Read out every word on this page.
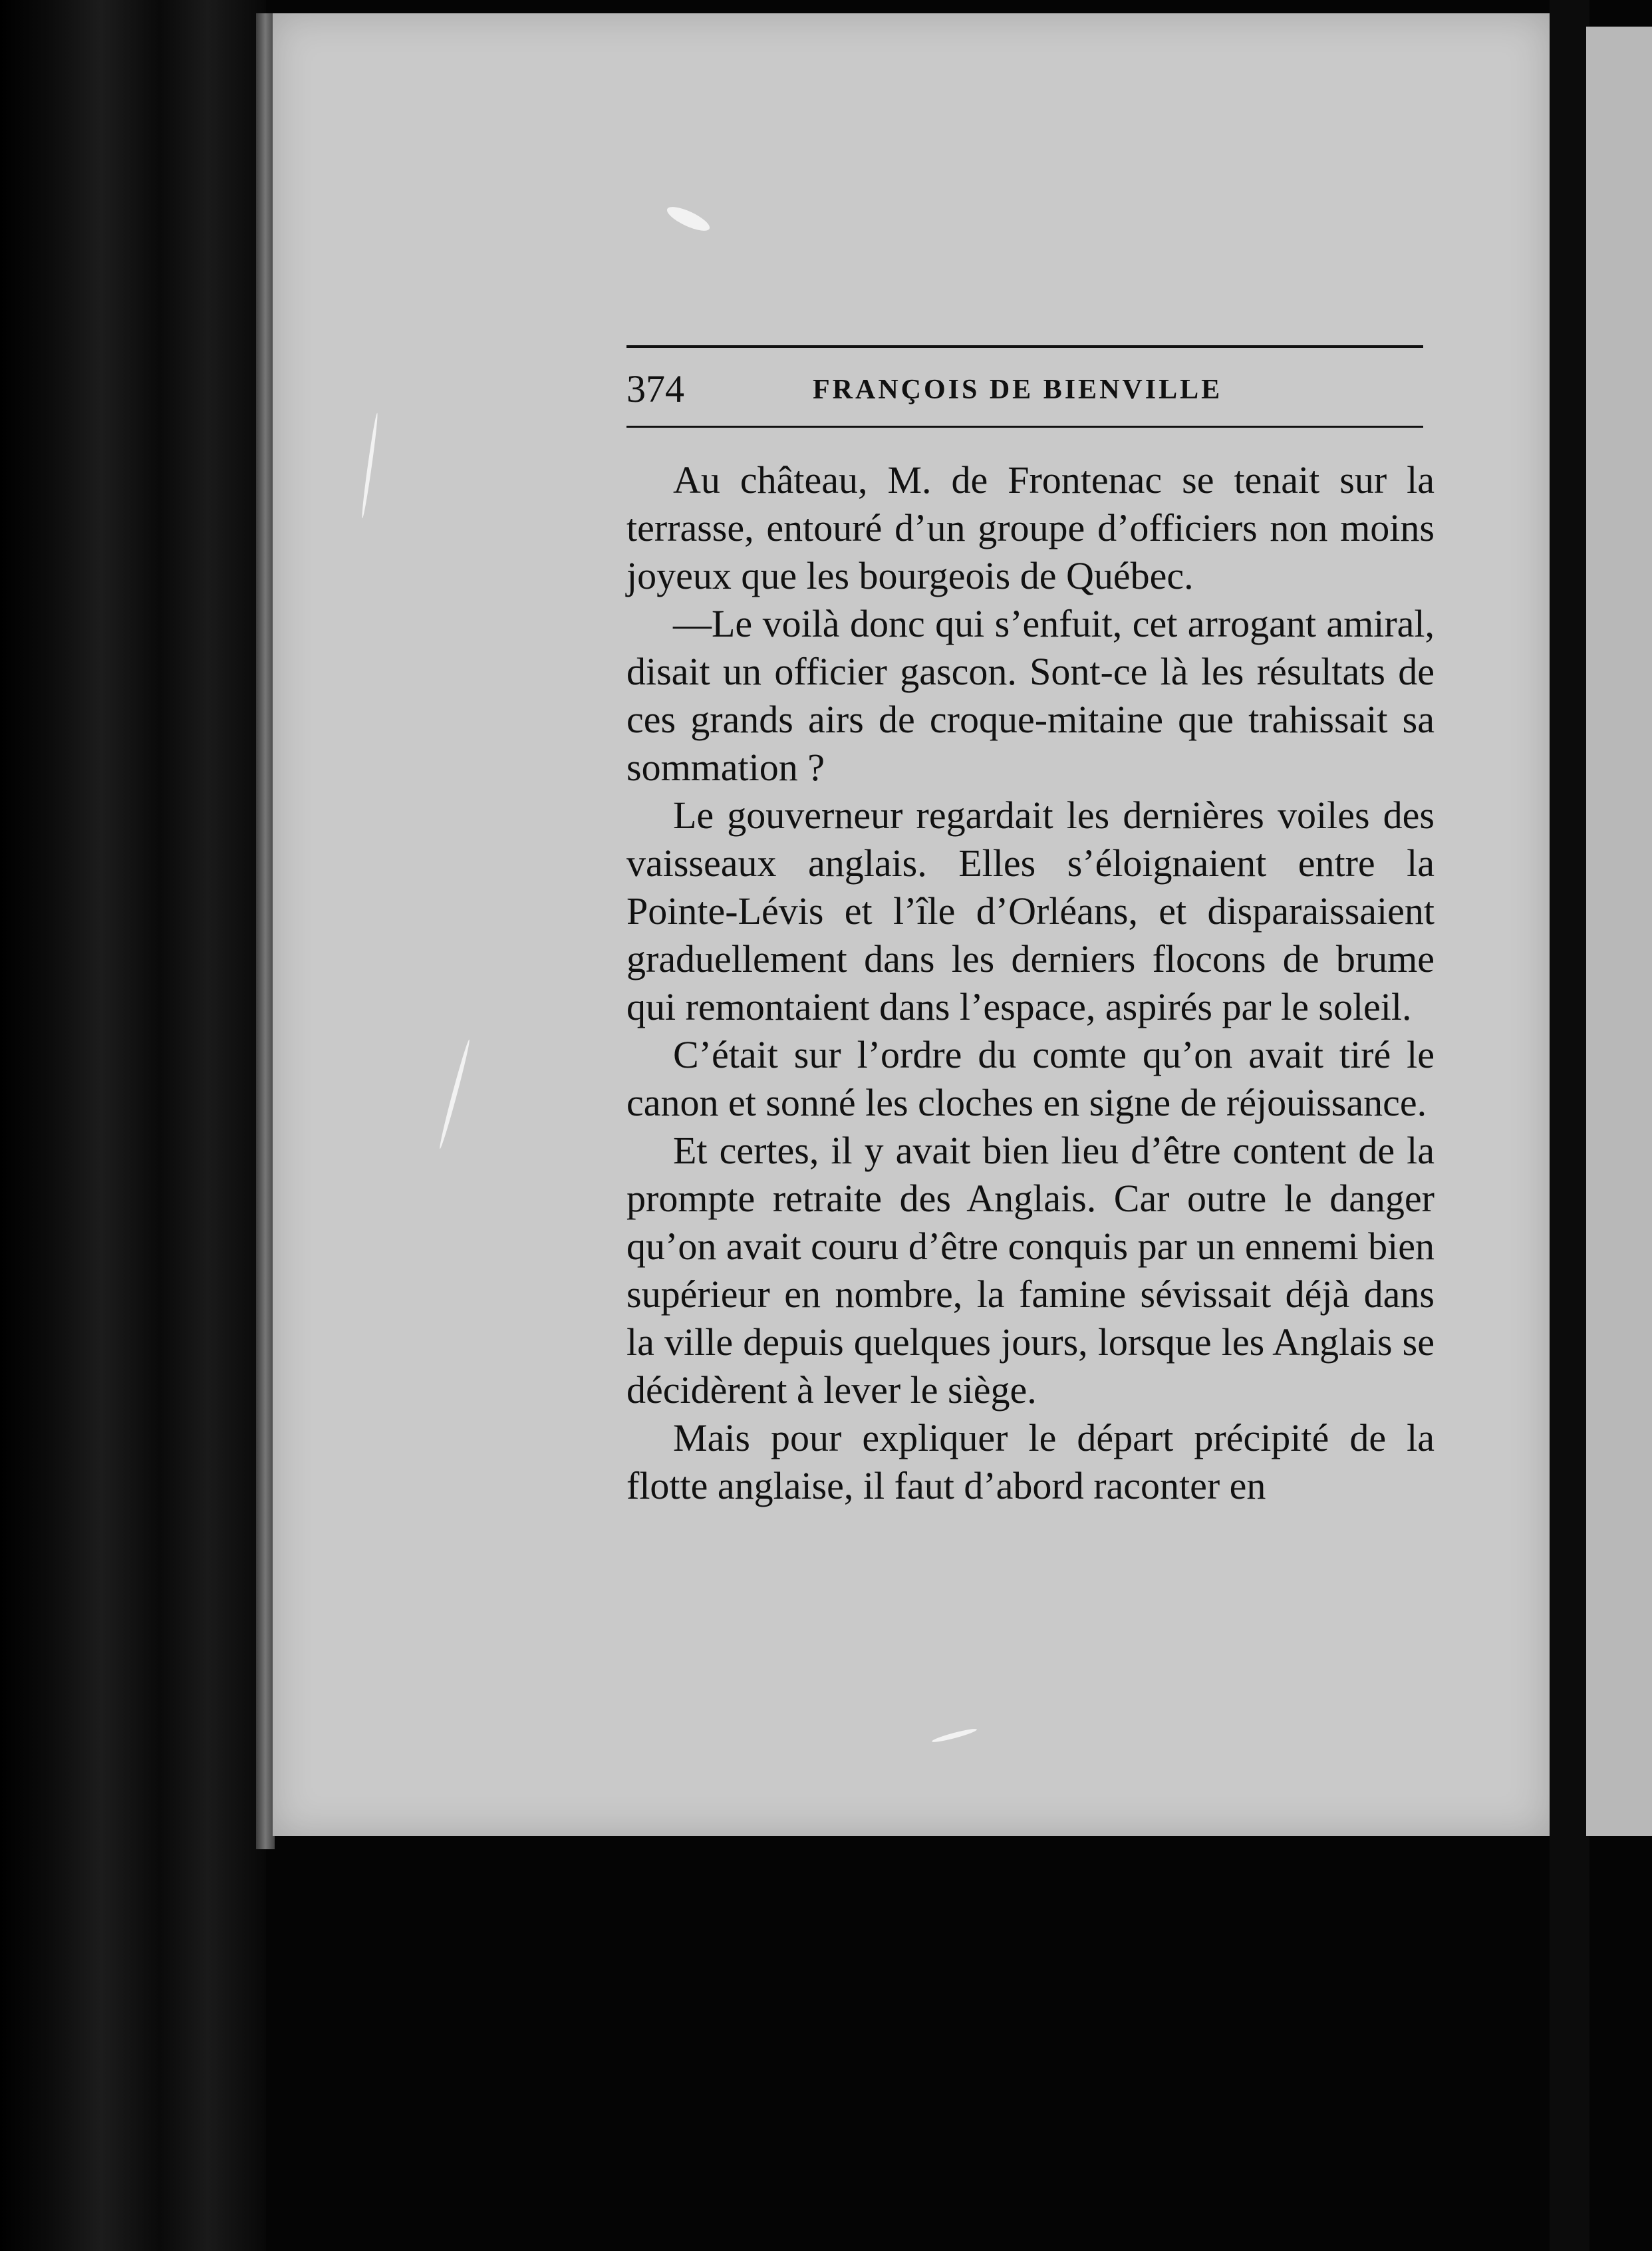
374	FRANÇOIS DE BIENVILLE

Au château, M. de Frontenac se tenait sur la terrasse, entouré d’un groupe d’officiers non moins joyeux que les bourgeois de Québec.

—Le voilà donc qui s’enfuit, cet arrogant amiral, disait un officier gascon. Sont-ce là les résultats de ces grands airs de croque-mitaine que trahissait sa sommation ?

Le gouverneur regardait les dernières voiles des vaisseaux anglais. Elles s’éloignaient entre la Pointe-Lévis et l’île d’Orléans, et disparaissaient graduellement dans les derniers flocons de brume qui remontaient dans l’espace, aspirés par le soleil.

C’était sur l’ordre du comte qu’on avait tiré le canon et sonné les cloches en signe de réjouissance.

Et certes, il y avait bien lieu d’être content de la prompte retraite des Anglais. Car outre le danger qu’on avait couru d’être conquis par un ennemi bien supérieur en nombre, la famine sévissait déjà dans la ville depuis quelques jours, lorsque les Anglais se décidèrent à lever le siège.

Mais pour expliquer le départ précipité de la flotte anglaise, il faut d’abord raconter en
